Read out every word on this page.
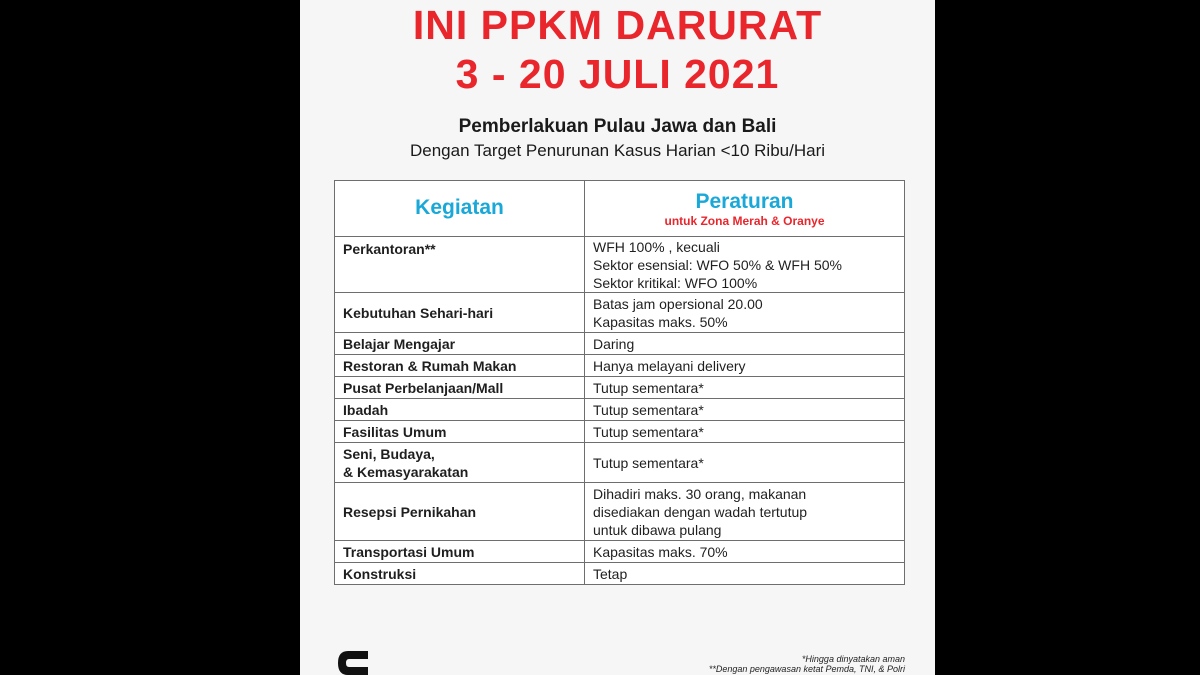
INI PPKM DARURAT
3 - 20 JULI 2021

Pemberlakuan Pulau Jawa dan Bali

Dengan Target Penurunan Kasus Harian <10 Ribu/Hari

Kegiatan	Peraturan
untuk Zona Merah & Oranye

Perkantoran**	WFH 100% , kecuali
Sektor esensial: WFO 50% & WFH 50%
Sektor kritikal: WFO 100%

Kebutuhan Sehari-hari	Batas jam opersional 20.00
Kapasitas maks. 50%

Belajar Mengajar	Daring
Restoran & Rumah Makan	Hanya melayani delivery
Pusat Perbelanjaan/Mall	Tutup sementara*
Ibadah	Tutup sementara*
Fasilitas Umum	Tutup sementara*

Seni, Budaya,
& Kemasyarakatan	Tutup sementara*
Resepsi Pernikahan	Dihadiri maks. 30 orang, makanan
disediakan dengan wadah tertutup
untuk dibawa pulang

Transportasi Umum	Kapasitas maks. 70%
Konstruksi	Tetap

*Hingga dinyatakan aman

**Dengan pengawasan ketat Pemda, TNI, & Polri
